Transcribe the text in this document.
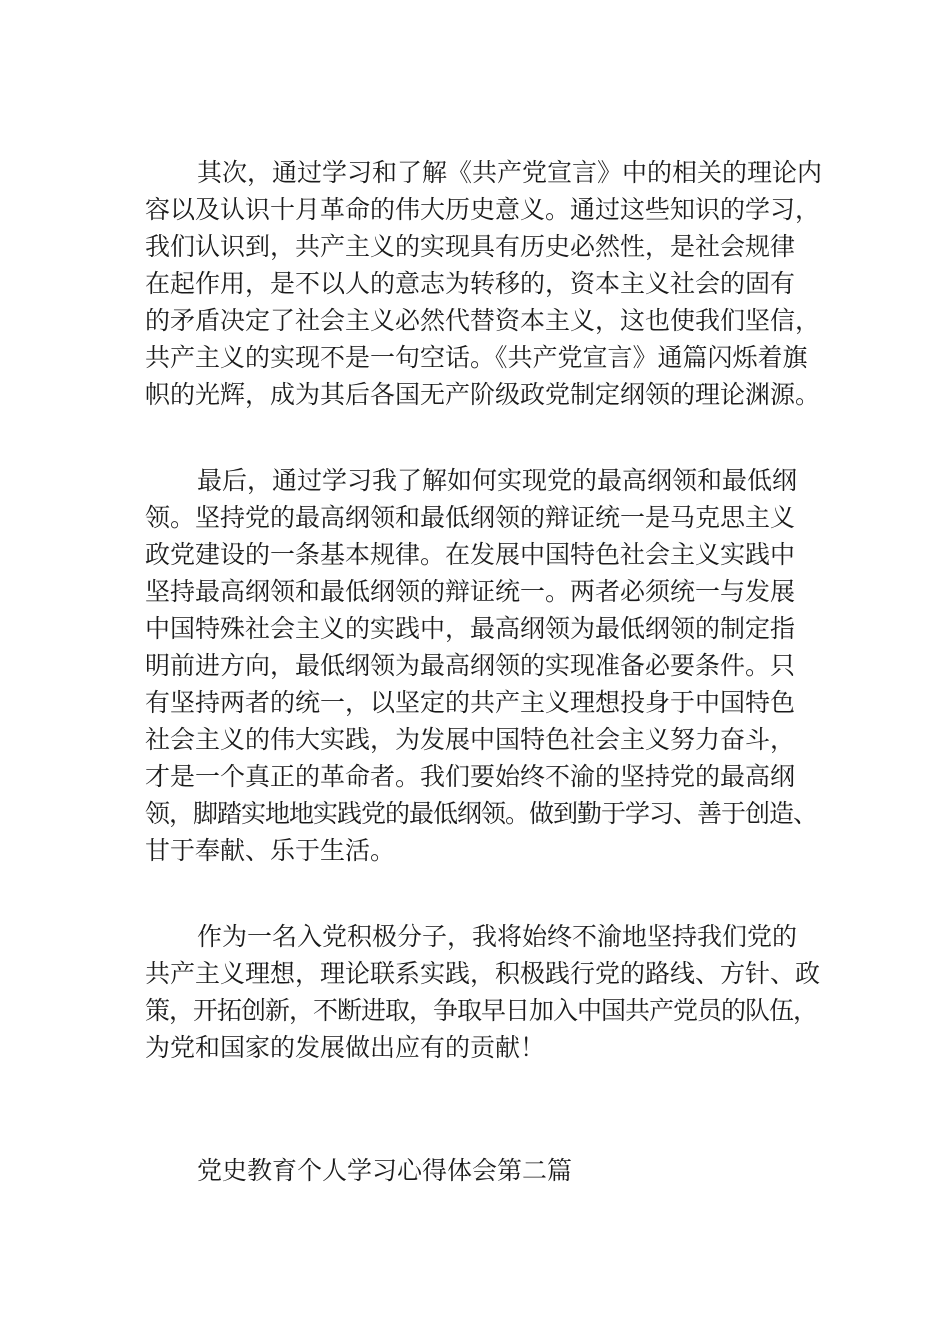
其次，通过学习和了解《共产党宣言》中的相关的理论内
容以及认识十月革命的伟大历史意义。通过这些知识的学习，
我们认识到，共产主义的实现具有历史必然性，是社会规律
在起作用，是不以人的意志为转移的，资本主义社会的固有
的矛盾决定了社会主义必然代替资本主义，这也使我们坚信，
共产主义的实现不是一句空话。《共产党宣言》通篇闪烁着旗
帜的光辉，成为其后各国无产阶级政党制定纲领的理论渊源。
最后，通过学习我了解如何实现党的最高纲领和最低纲
领。坚持党的最高纲领和最低纲领的辩证统一是马克思主义
政党建设的一条基本规律。在发展中国特色社会主义实践中
坚持最高纲领和最低纲领的辩证统一。两者必须统一与发展
中国特殊社会主义的实践中，最高纲领为最低纲领的制定指
明前进方向，最低纲领为最高纲领的实现准备必要条件。只
有坚持两者的统一，以坚定的共产主义理想投身于中国特色
社会主义的伟大实践，为发展中国特色社会主义努力奋斗，
才是一个真正的革命者。我们要始终不渝的坚持党的最高纲
领，脚踏实地地实践党的最低纲领。做到勤于学习、善于创造、
甘于奉献、乐于生活。
作为一名入党积极分子，我将始终不渝地坚持我们党的
共产主义理想，理论联系实践，积极践行党的路线、方针、政
策，开拓创新，不断进取，争取早日加入中国共产党员的队伍，
为党和国家的发展做出应有的贡献！
党史教育个人学习心得体会第二篇
